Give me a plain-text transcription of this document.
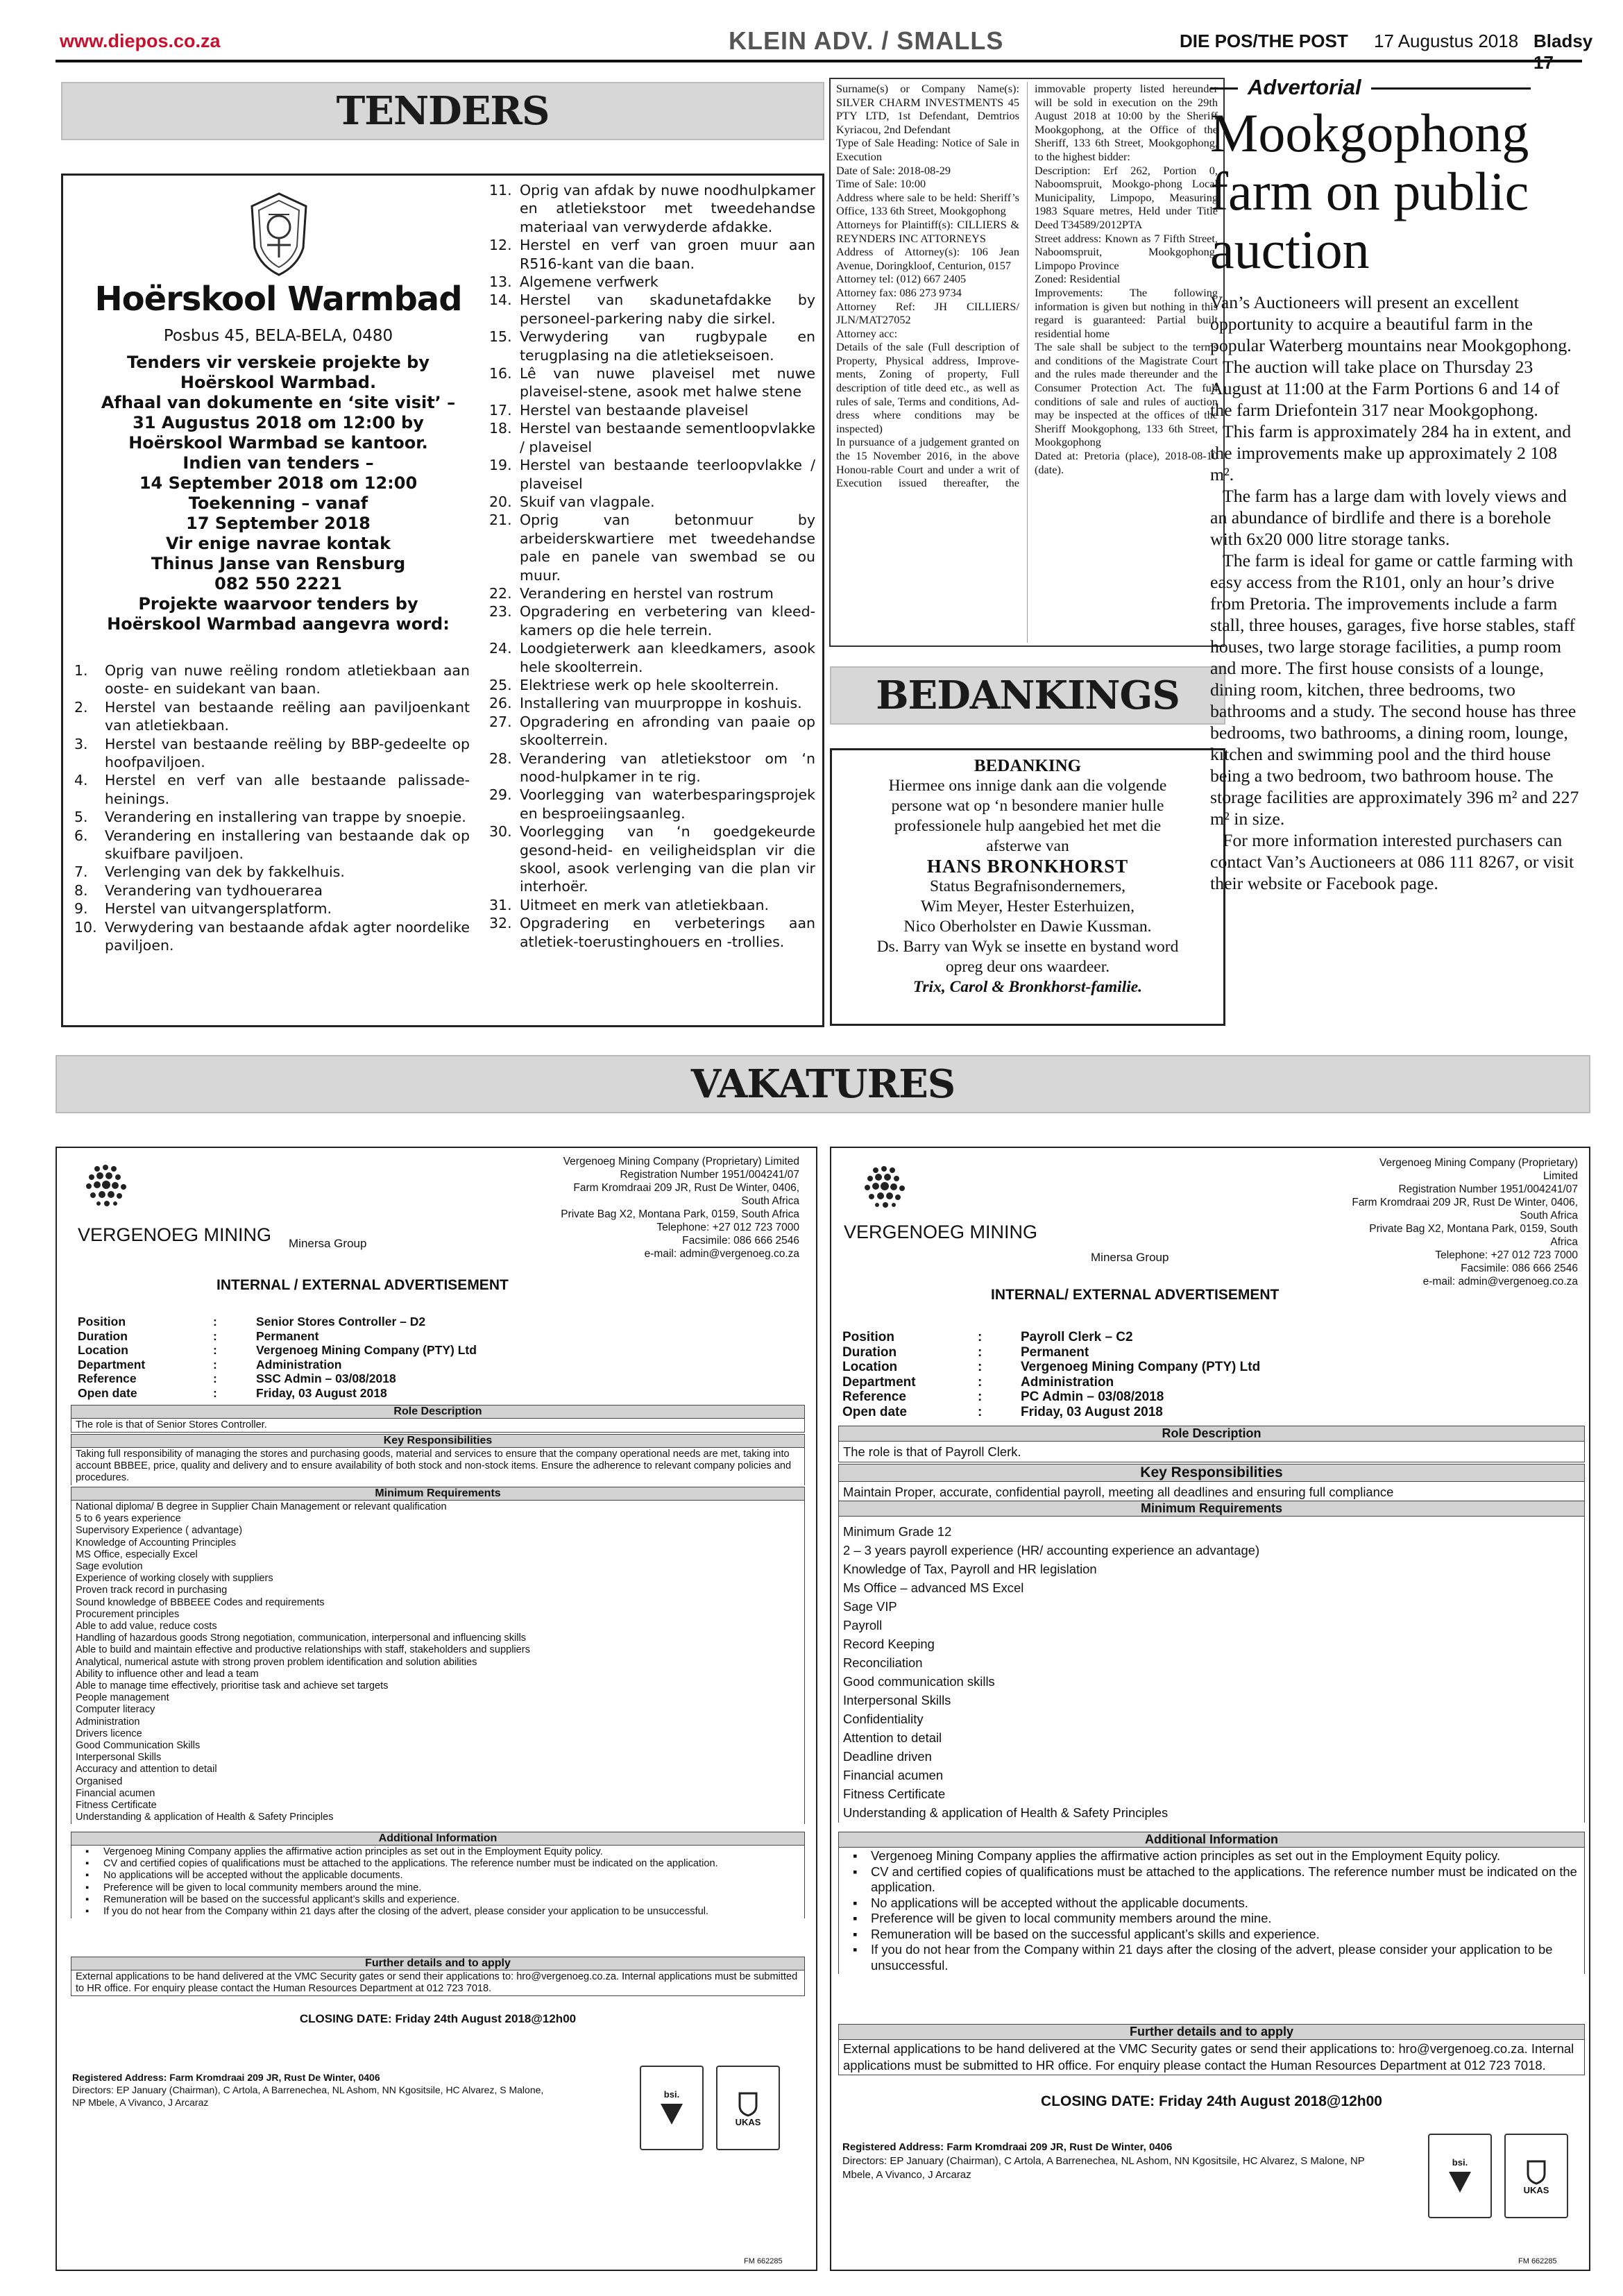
www.diepos.co.za	KLEIN ADV. / SMALLS	DIE POS/THE POST 17 Augustus 2018 Bladsy 17
TENDERS
Hoërskool Warmbad
Posbus 45, BELA-BELA, 0480
Tenders vir verskeie projekte by
Hoërskool Warmbad.
Afhaal van dokumente en ‘site visit’ –
31 Augustus 2018 om 12:00 by
Hoërskool Warmbad se kantoor.
Indien van tenders –
14 September 2018 om 12:00
Toekenning – vanaf
17 September 2018
Vir enige navrae kontak
Thinus Janse van Rensburg
082 550 2221
Projekte waarvoor tenders by
Hoërskool Warmbad aangevra word:
1.	Oprig van nuwe reëling rondom atletiekbaan aan ooste- en suidekant van baan.
2.	Herstel van bestaande reëling aan paviljoenkant van atletiekbaan.
3.	Herstel van bestaande reëling by BBP-gedeelte op hoofpaviljoen.
4.	Herstel en verf van alle bestaande palissade-heinings.
5.	Verandering en installering van trappe by snoepie.
6.	Verandering en installering van bestaande dak op skuifbare paviljoen.
7.	Verlenging van dek by fakkelhuis.
8.	Verandering van tydhouerarea
9.	Herstel van uitvangersplatform.
10. Verwydering van bestaande afdak agter noordelike paviljoen.
11. Oprig van afdak by nuwe noodhulpkamer en atletiekstoor met tweedehandse materiaal van verwyderde afdakke.
12. Herstel en verf van groen muur aan R516-kant van die baan.
13. Algemene verfwerk
14. Herstel van skadunetafdakke by personeel-parkering naby die sirkel.
15. Verwydering van rugbypale en terugplasing na die atletiekseisoen.
16. Lê van nuwe plaveisel met nuwe plaveisel-stene, asook met halwe stene
17. Herstel van bestaande plaveisel
18. Herstel van bestaande sementloopvlakke / plaveisel
19. Herstel van bestaande teerloopvlakke / plaveisel
20. Skuif van vlagpale.
21. Oprig van betonmuur by arbeiderskwartiere met tweedehandse pale en panele van swembad se ou muur.
22. Verandering en herstel van rostrum
23. Opgradering en verbetering van kleed-kamers op die hele terrein.
24. Loodgieterwerk aan kleedkamers, asook hele skoolterrein.
25. Elektriese werk op hele skoolterrein.
26. Installering van muurproppe in koshuis.
27. Opgradering en afronding van paaie op skoolterrein.
28. Verandering van atletiekstoor om ‘n nood-hulpkamer in te rig.
29. Voorlegging van waterbesparingsprojek en besproeiingsaanleg.
30. Voorlegging van ‘n goedgekeurde gesond-heid- en veiligheidsplan vir die skool, asook verlenging van die plan vir interhoër.
31. Uitmeet en merk van atletiekbaan.
32. Opgradering en verbeterings aan atletiek-toerustinghouers en -trollies.
Surname(s) or Company Name(s): SILVER CHARM INVESTMENTS 45 PTY LTD, 1st Defendant, Demtrios Kyriacou, 2nd Defendant
Type of Sale Heading: Notice of Sale in Execution
Date of Sale: 2018-08-29
Time of Sale: 10:00
Address where sale to be held: Sheriff’s Office, 133 6th Street, Mookgophong
Attorneys for Plaintiff(s): CILLIERS & REYNDERS INC ATTORNEYS
Address of Attorney(s): 106 Jean Avenue, Doringkloof, Centurion, 0157
Attorney tel: (012) 667 2405
Attorney fax: 086 273 9734
Attorney Ref: JH CILLIERS/ JLN/MAT27052
Attorney acc:
Details of the sale (Full description of Property, Physical address, Improve-ments, Zoning of property, Full description of title deed etc., as well as rules of sale, Terms and conditions, Ad-dress where conditions may be inspected)
In pursuance of a judgement granted on the 15 November 2016, in the above Honou-rable Court and under a writ of Execution issued thereafter, the immovable property listed hereunder will be sold in execution on the 29th August 2018 at 10:00 by the Sheriff Mookgophong, at the Office of the Sheriff, 133 6th Street, Mookgophong, to the highest bidder:
Description: Erf 262, Portion 0, Naboomspruit, Mookgo-phong Local Municipality, Limpopo, Measuring 1983 Square metres, Held under Title Deed T34589/2012PTA
Street address: Known as 7 Fifth Street, Naboomspruit, Mookgophong, Limpopo Province
Zoned: Residential
Improvements: The following information is given but nothing in this regard is guaranteed: Partial built residential home
The sale shall be subject to the terms and conditions of the Magistrate Court and the rules made thereunder and the Consumer Protection Act. The full conditions of sale and rules of auction may be inspected at the offices of the Sheriff Mookgophong, 133 6th Street, Mookgophong
Dated at: Pretoria (place), 2018-08-10 (date).
BEDANKINGS
BEDANKING
Hiermee ons innige dank aan die volgende
persone wat op ‘n besondere manier hulle
professionele hulp aangebied het met die
afsterwe van
HANS BRONKHORST
Status Begrafnisondernemers,
Wim Meyer, Hester Esterhuizen,
Nico Oberholster en Dawie Kussman.
Ds. Barry van Wyk se insette en bystand word
opreg deur ons waardeer.
Trix, Carol & Bronkhorst-familie.
Advertorial
Mookgophong farm on public auction

Van’s Auctioneers will present an excellent opportunity to acquire a beautiful farm in the popular Waterberg mountains near Mookgophong.

The auction will take place on Thursday 23 August at 11:00 at the Farm Portions 6 and 14 of the farm Driefontein 317 near Mookgophong.

This farm is approximately 284 ha in extent, and the improvements make up approximately 2 108 m².

The farm has a large dam with lovely views and an abundance of birdlife and there is a borehole with 6x20 000 litre storage tanks.

The farm is ideal for game or cattle farming with easy access from the R101, only an hour’s drive from Pretoria. The improvements include a farm stall, three houses, garages, five horse stables, staff houses, two large storage facilities, a pump room and more. The first house consists of a lounge, dining room, kitchen, three bedrooms, two bathrooms and a study. The second house has three bedrooms, two bathrooms, a dining room, lounge, kitchen and swimming pool and the third house being a two bedroom, two bathroom house. The storage facilities are approximately 396 m² and 227 m² in size.

For more information interested purchasers can contact Van’s Auctioneers at 086 111 8267, or visit their website or Facebook page.

VAKATURES
VERGENOEG MINING Minersa Group
Vergenoeg Mining Company (Proprietary) Limited
Registration Number 1951/004241/07
Farm Kromdraai 209 JR, Rust De Winter, 0406,
South Africa
Private Bag X2, Montana Park, 0159, South Africa
Telephone: +27 012 723 7000
Facsimile: 086 666 2546
e-mail: admin@vergenoeg.co.za
INTERNAL / EXTERNAL ADVERTISEMENT
Position	:	Senior Stores Controller – D2
Duration	:	Permanent
Location	:	Vergenoeg Mining Company (PTY) Ltd
Department	:	Administration
Reference	:	SSC Admin – 03/08/2018
Open date	:	Friday, 03 August 2018
Role Description
The role is that of Senior Stores Controller.
Key Responsibilities
Taking full responsibility of managing the stores and purchasing goods, material and services to ensure that the company operational needs are met, taking into account BBBEE, price, quality and delivery and to ensure availability of both stock and non-stock items. Ensure the adherence to relevant company policies and procedures.
Minimum Requirements
National diploma/ B degree in Supplier Chain Management or relevant qualification
5 to 6 years experience
Supervisory Experience ( advantage)
Knowledge of Accounting Principles
MS Office, especially Excel
Sage evolution
Experience of working closely with suppliers
Proven track record in purchasing
Sound knowledge of BBBEEE Codes and requirements
Procurement principles
Able to add value, reduce costs
Handling of hazardous goods Strong negotiation, communication, interpersonal and influencing skills
Able to build and maintain effective and productive relationships with staff, stakeholders and suppliers
Analytical, numerical astute with strong proven problem identification and solution abilities
Ability to influence other and lead a team
Able to manage time effectively, prioritise task and achieve set targets
People management
Computer literacy
Administration
Drivers licence
Good Communication Skills
Interpersonal Skills
Accuracy and attention to detail
Organised
Financial acumen
Fitness Certificate
Understanding & application of Health & Safety Principles
Additional Information
▪ Vergenoeg Mining Company applies the affirmative action principles as set out in the Employment Equity policy.
▪ CV and certified copies of qualifications must be attached to the applications. The reference number must be indicated on the application.
▪ No applications will be accepted without the applicable documents.
▪ Preference will be given to local community members around the mine.
▪ Remuneration will be based on the successful applicant’s skills and experience.
▪ If you do not hear from the Company within 21 days after the closing of the advert, please consider your application to be unsuccessful.
Further details and to apply
External applications to be hand delivered at the VMC Security gates or send their applications to: hro@vergenoeg.co.za. Internal applications must be submitted to HR office. For enquiry please contact the Human Resources Department at 012 723 7018.
CLOSING DATE: Friday 24th August 2018@12h00
Registered Address: Farm Kromdraai 209 JR, Rust De Winter, 0406
Directors: EP January (Chairman), C Artola, A Barrenechea, NL Ashom, NN Kgositsile, HC Alvarez, S Malone, NP Mbele, A Vivanco, J Arcaraz
bsi.
UKAS
FM 662285
VERGENOEG MINING
Minersa Group
Vergenoeg Mining Company (Proprietary)
Limited
Registration Number 1951/004241/07
Farm Kromdraai 209 JR, Rust De Winter, 0406,
South Africa
Private Bag X2, Montana Park, 0159, South
Africa
Telephone: +27 012 723 7000
Facsimile: 086 666 2546
e-mail: admin@vergenoeg.co.za
INTERNAL/ EXTERNAL ADVERTISEMENT
Position	:	Payroll Clerk – C2
Duration	:	Permanent
Location	:	Vergenoeg Mining Company (PTY) Ltd
Department	:	Administration
Reference	:	PC Admin – 03/08/2018
Open date	:	Friday, 03 August 2018
Role Description
The role is that of Payroll Clerk.
Key Responsibilities
Maintain Proper, accurate, confidential payroll, meeting all deadlines and ensuring full compliance
Minimum Requirements
Minimum Grade 12
2 – 3 years payroll experience (HR/ accounting experience an advantage)
Knowledge of Tax, Payroll and HR legislation
Ms Office – advanced MS Excel
Sage VIP
Payroll
Record Keeping
Reconciliation
Good communication skills
Interpersonal Skills
Confidentiality
Attention to detail
Deadline driven
Financial acumen
Fitness Certificate
Understanding & application of Health & Safety Principles
Additional Information
▪ Vergenoeg Mining Company applies the affirmative action principles as set out in the Employment Equity policy.
▪ CV and certified copies of qualifications must be attached to the applications. The reference number must be indicated on the application.
▪ No applications will be accepted without the applicable documents.
▪ Preference will be given to local community members around the mine.
▪ Remuneration will be based on the successful applicant’s skills and experience.
▪ If you do not hear from the Company within 21 days after the closing of the advert, please consider your application to be unsuccessful.
Further details and to apply
External applications to be hand delivered at the VMC Security gates or send their applications to: hro@vergenoeg.co.za. Internal applications must be submitted to HR office. For enquiry please contact the Human Resources Department at 012 723 7018.
CLOSING DATE: Friday 24th August 2018@12h00
Registered Address: Farm Kromdraai 209 JR, Rust De Winter, 0406
Directors: EP January (Chairman), C Artola, A Barrenechea, NL Ashom, NN Kgositsile, HC Alvarez, S Malone, NP Mbele, A Vivanco, J Arcaraz
bsi.
UKAS
FM 662285
